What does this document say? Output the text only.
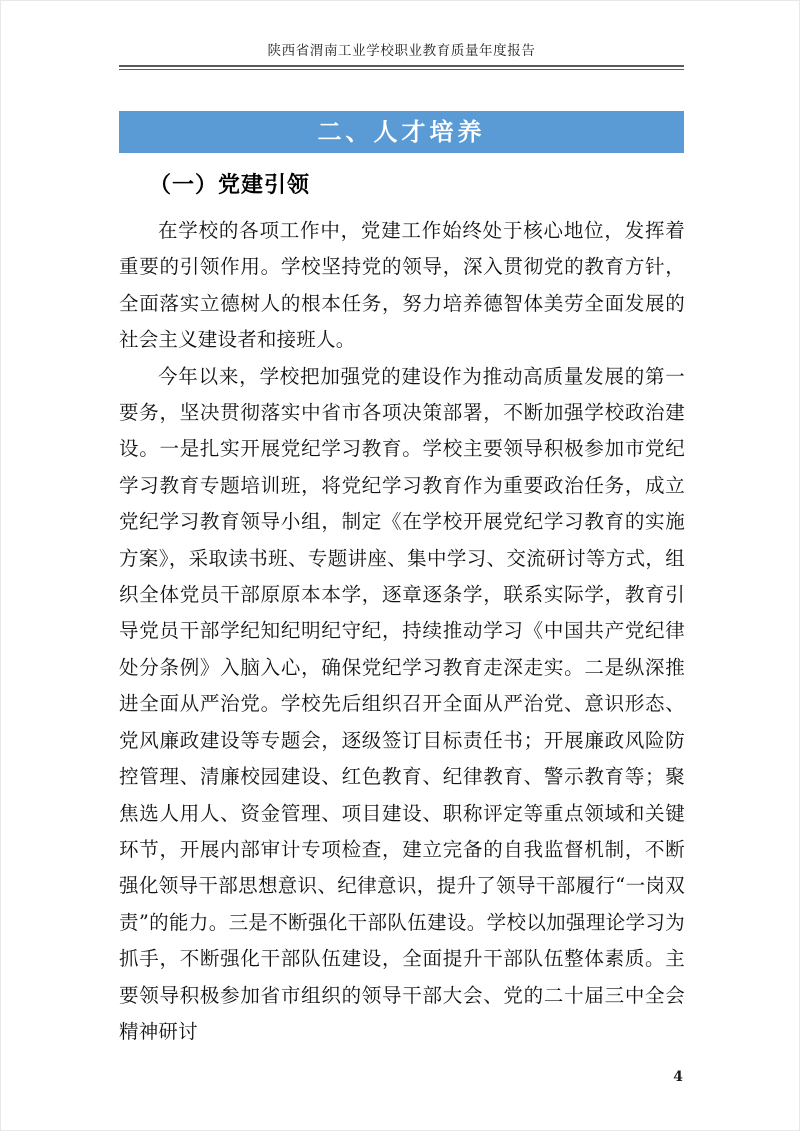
陕西省渭南工业学校职业教育质量年度报告
二、人才培养
（一）党建引领

在学校的各项工作中，党建工作始终处于核心地位，发挥着重要的引领作用。学校坚持党的领导，深入贯彻党的教育方针，全面落实立德树人的根本任务，努力培养德智体美劳全面发展的社会主义建设者和接班人。

今年以来，学校把加强党的建设作为推动高质量发展的第一要务，坚决贯彻落实中省市各项决策部署，不断加强学校政治建设。一是扎实开展党纪学习教育。学校主要领导积极参加市党纪学习教育专题培训班，将党纪学习教育作为重要政治任务，成立党纪学习教育领导小组，制定《在学校开展党纪学习教育的实施方案》，采取读书班、专题讲座、集中学习、交流研讨等方式，组织全体党员干部原原本本学，逐章逐条学，联系实际学，教育引导党员干部学纪知纪明纪守纪，持续推动学习《中国共产党纪律处分条例》入脑入心，确保党纪学习教育走深走实。二是纵深推进全面从严治党。学校先后组织召开全面从严治党、意识形态、党风廉政建设等专题会，逐级签订目标责任书；开展廉政风险防控管理、清廉校园建设、红色教育、纪律教育、警示教育等；聚焦选人用人、资金管理、项目建设、职称评定等重点领域和关键环节，开展内部审计专项检查，建立完备的自我监督机制，不断强化领导干部思想意识、纪律意识，提升了领导干部履行“一岗双责”的能力。三是不断强化干部队伍建设。学校以加强理论学习为抓手，不断强化干部队伍建设，全面提升干部队伍整体素质。主要领导积极参加省市组织的领导干部大会、党的二十届三中全会精神研讨

4
